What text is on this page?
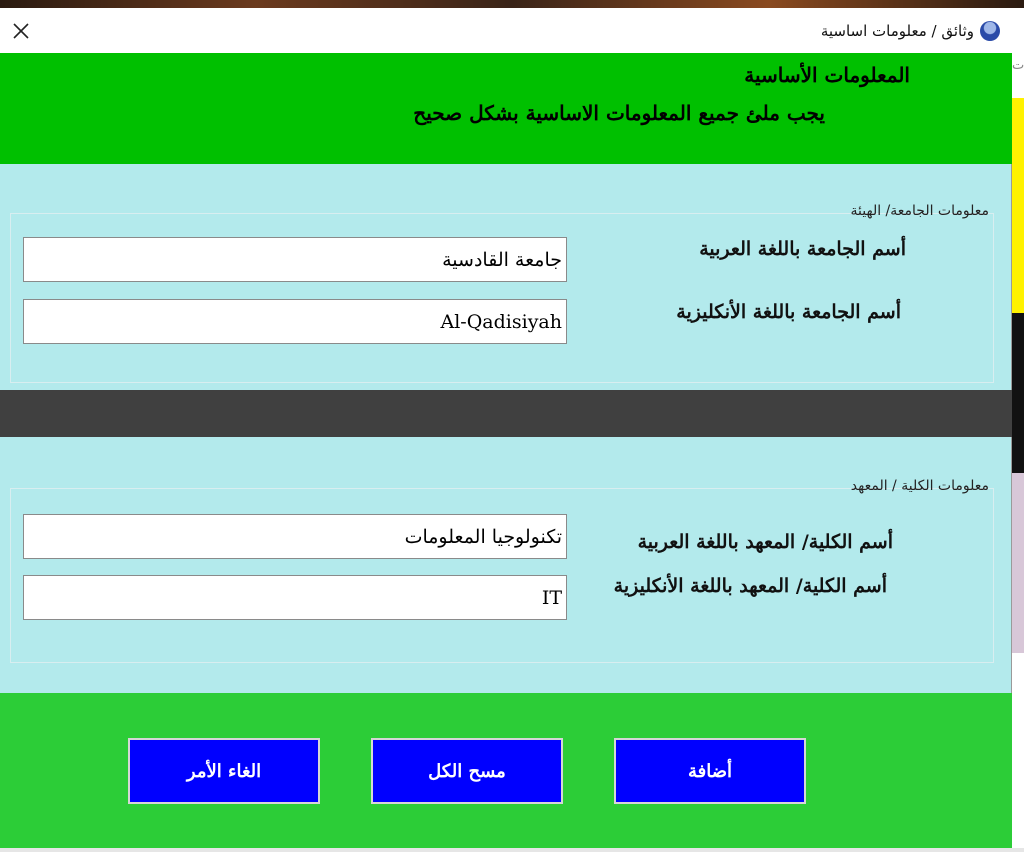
ت
وثائق / معلومات اساسية
المعلومات الأساسية
يجب ملئ جميع المعلومات الاساسية بشكل صحيح
معلومات الجامعة/ الهيئة
أسم الجامعة باللغة العربية
جامعة القادسية
أسم الجامعة باللغة الأنكليزية
Al-Qadisiyah
معلومات الكلية / المعهد
أسم الكلية/ المعهد باللغة العربية
تكنولوجيا المعلومات
أسم الكلية/ المعهد باللغة الأنكليزية
IT
الغاء الأمر	مسح الكل	أضافة
